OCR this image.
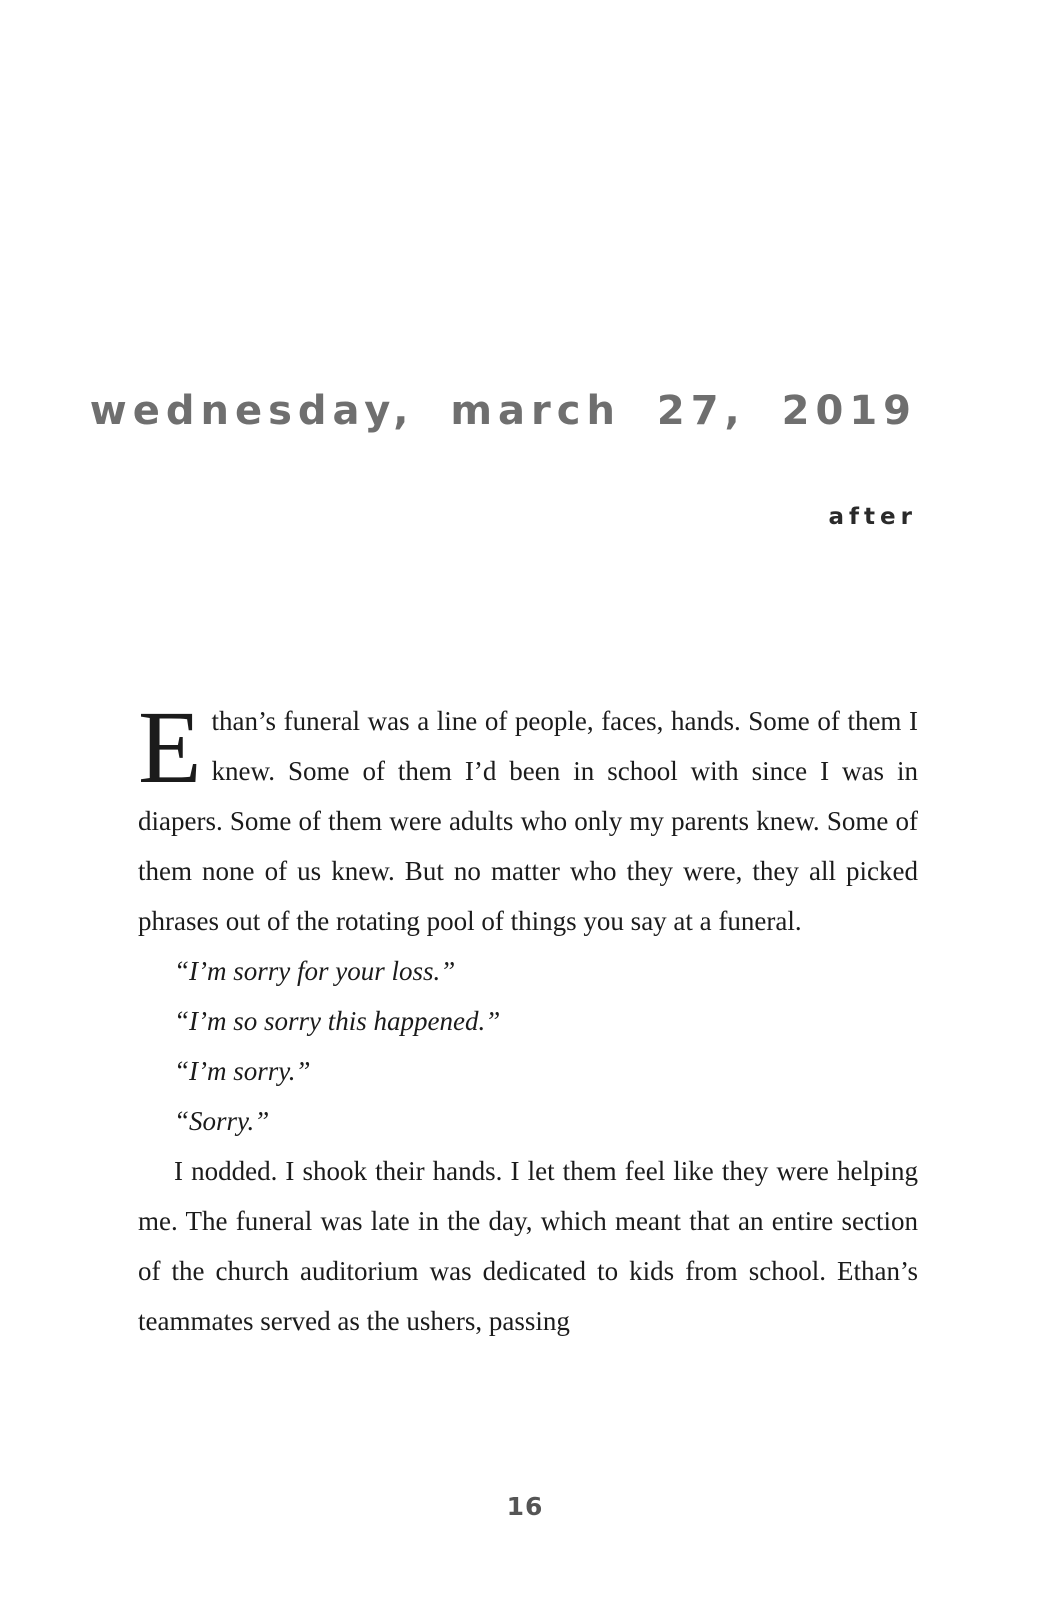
wednesday, march 27, 2019
after

Ethan’s funeral was a line of people, faces, hands. Some of them I knew. Some of them I’d been in school with since I was in diapers. Some of them were adults who only my parents knew. Some of them none of us knew. But no matter who they were, they all picked phrases out of the rotating pool of things you say at a funeral.

“I’m sorry for your loss.”

“I’m so sorry this happened.”

“I’m sorry.”

“Sorry.”

I nodded. I shook their hands. I let them feel like they were helping me. The funeral was late in the day, which meant that an entire section of the church auditorium was dedicated to kids from school. Ethan’s teammates served as the ushers, passing

16
